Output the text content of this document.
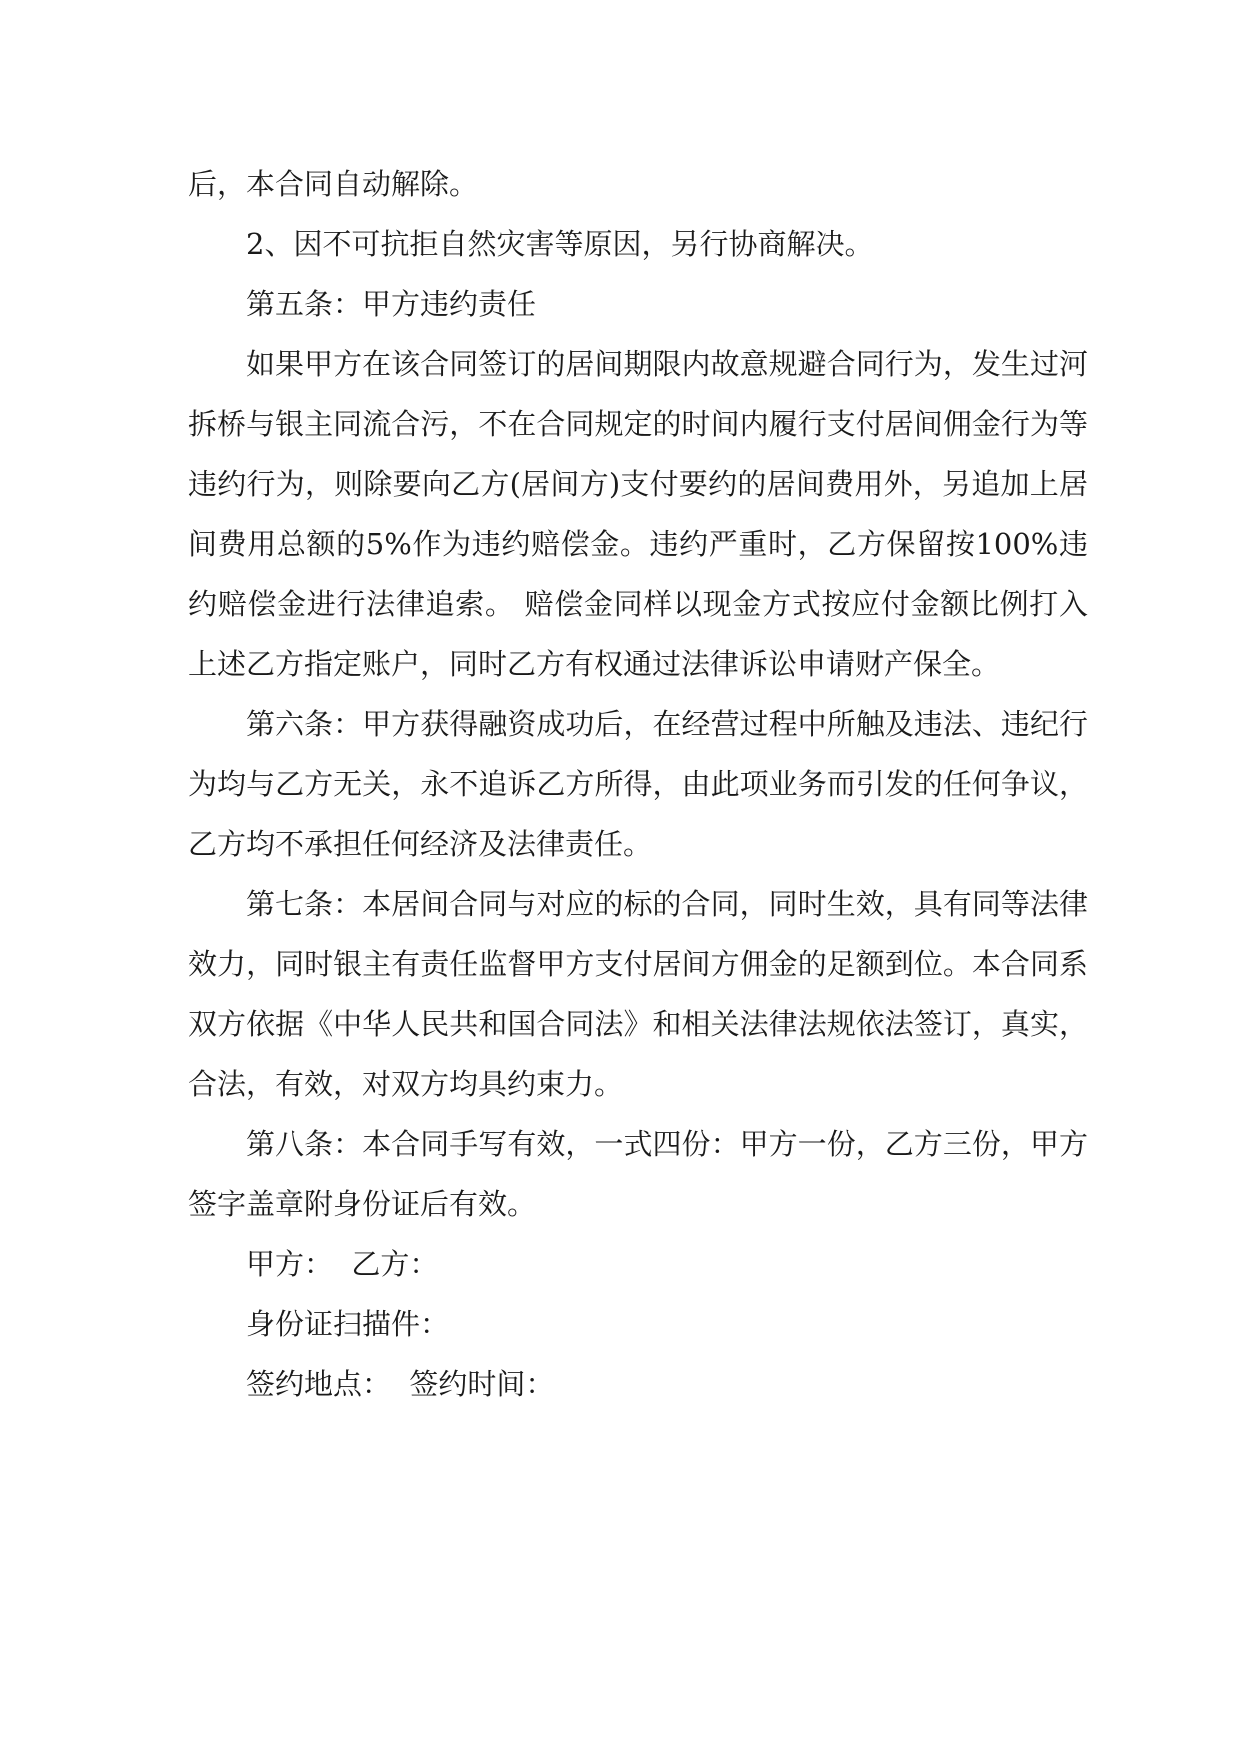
后，本合同自动解除。

2、因不可抗拒自然灾害等原因，另行协商解决。

第五条：甲方违约责任

如果甲方在该合同签订的居间期限内故意规避合同行为，发生过河拆桥与银主同流合污，不在合同规定的时间内履行支付居间佣金行为等违约行为，则除要向乙方(居间方)支付要约的居间费用外，另追加上居间费用总额的5%作为违约赔偿金。违约严重时，乙方保留按100%违约赔偿金进行法律追索。 赔偿金同样以现金方式按应付金额比例打入上述乙方指定账户，同时乙方有权通过法律诉讼申请财产保全。

第六条：甲方获得融资成功后，在经营过程中所触及违法、违纪行为均与乙方无关，永不追诉乙方所得，由此项业务而引发的任何争议，乙方均不承担任何经济及法律责任。

第七条：本居间合同与对应的标的合同，同时生效，具有同等法律效力，同时银主有责任监督甲方支付居间方佣金的足额到位。本合同系双方依据《中华人民共和国合同法》和相关法律法规依法签订，真实，合法，有效，对双方均具约束力。

第八条：本合同手写有效，一式四份：甲方一份，乙方三份，甲方签字盖章附身份证后有效。

甲方：  乙方：

身份证扫描件：

签约地点：  签约时间：
